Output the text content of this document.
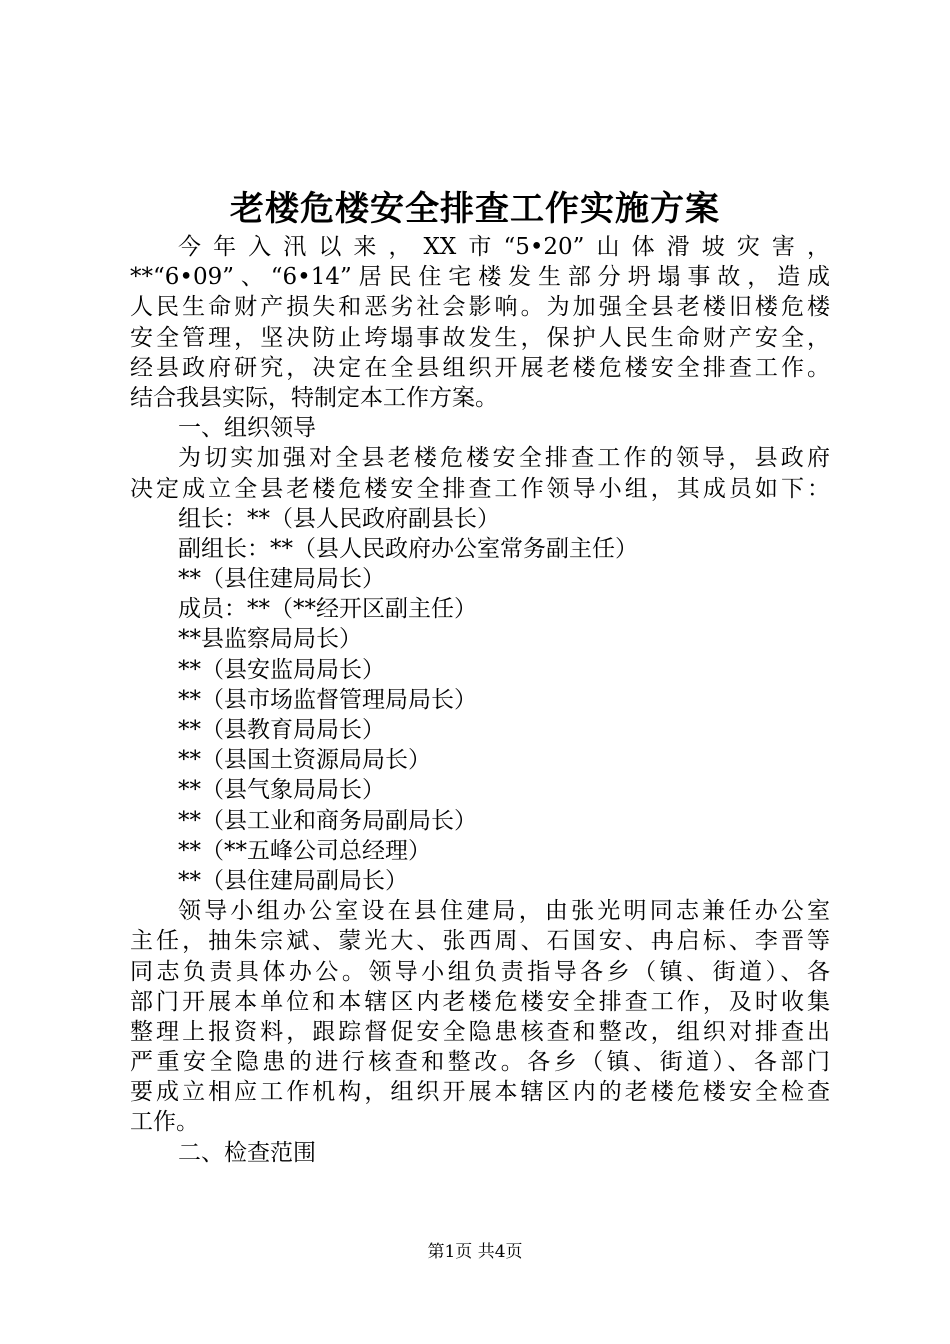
老楼危楼安全排查工作实施方案
今年入汛以来，XX市“5•20”山体滑坡灾害，
**“6•09”、“6•14”居民住宅楼发生部分坍塌事故，造成
人民生命财产损失和恶劣社会影响。为加强全县老楼旧楼危楼
安全管理，坚决防止垮塌事故发生，保护人民生命财产安全，
经县政府研究，决定在全县组织开展老楼危楼安全排查工作。
结合我县实际，特制定本工作方案。
一、组织领导
为切实加强对全县老楼危楼安全排查工作的领导，县政府
决定成立全县老楼危楼安全排查工作领导小组，其成员如下：
组长：**（县人民政府副县长）
副组长：**（县人民政府办公室常务副主任）
**（县住建局局长）
成员：**（**经开区副主任）
**县监察局局长）
**（县安监局局长）
**（县市场监督管理局局长）
**（县教育局局长）
**（县国土资源局局长）
**（县气象局局长）
**（县工业和商务局副局长）
**（**五峰公司总经理）
**（县住建局副局长）
领导小组办公室设在县住建局，由张光明同志兼任办公室
主任，抽朱宗斌、蒙光大、张西周、石国安、冉启标、李晋等
同志负责具体办公。领导小组负责指导各乡（镇、街道）、各
部门开展本单位和本辖区内老楼危楼安全排查工作，及时收集
整理上报资料，跟踪督促安全隐患核查和整改，组织对排查出
严重安全隐患的进行核查和整改。各乡（镇、街道）、各部门
要成立相应工作机构，组织开展本辖区内的老楼危楼安全检查
工作。
二、检查范围
第1页 共4页
